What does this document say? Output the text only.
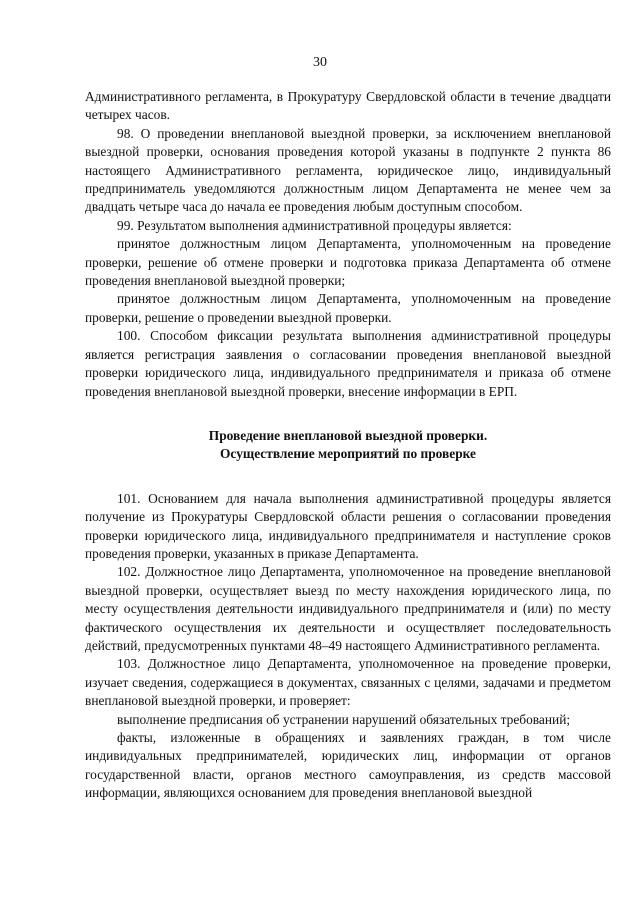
30

Административного регламента, в Прокуратуру Свердловской области в течение двадцати четырех часов.

98. О проведении внеплановой выездной проверки, за исключением внеплановой выездной проверки, основания проведения которой указаны в подпункте 2 пункта 86 настоящего Административного регламента, юридическое лицо, индивидуальный предприниматель уведомляются должностным лицом Департамента не менее чем за двадцать четыре часа до начала ее проведения любым доступным способом.

99. Результатом выполнения административной процедуры является:

принятое должностным лицом Департамента, уполномоченным на проведение проверки, решение об отмене проверки и подготовка приказа Департамента об отмене проведения внеплановой выездной проверки;

принятое должностным лицом Департамента, уполномоченным на проведение проверки, решение о проведении выездной проверки.

100. Способом фиксации результата выполнения административной процедуры является регистрация заявления о согласовании проведения внеплановой выездной проверки юридического лица, индивидуального предпринимателя и приказа об отмене проведения внеплановой выездной проверки, внесение информации в ЕРП.

Проведение внеплановой выездной проверки.
Осуществление мероприятий по проверке

101. Основанием для начала выполнения административной процедуры является получение из Прокуратуры Свердловской области решения о согласовании проведения проверки юридического лица, индивидуального предпринимателя и наступление сроков проведения проверки, указанных в приказе Департамента.

102. Должностное лицо Департамента, уполномоченное на проведение внеплановой выездной проверки, осуществляет выезд по месту нахождения юридического лица, по месту осуществления деятельности индивидуального предпринимателя и (или) по месту фактического осуществления их деятельности и осуществляет последовательность действий, предусмотренных пунктами 48–49 настоящего Административного регламента.

103. Должностное лицо Департамента, уполномоченное на проведение проверки, изучает сведения, содержащиеся в документах, связанных с целями, задачами и предметом внеплановой выездной проверки, и проверяет:

выполнение предписания об устранении нарушений обязательных требований;

факты, изложенные в обращениях и заявлениях граждан, в том числе индивидуальных предпринимателей, юридических лиц, информации от органов государственной власти, органов местного самоуправления, из средств массовой информации, являющихся основанием для проведения внеплановой выездной
